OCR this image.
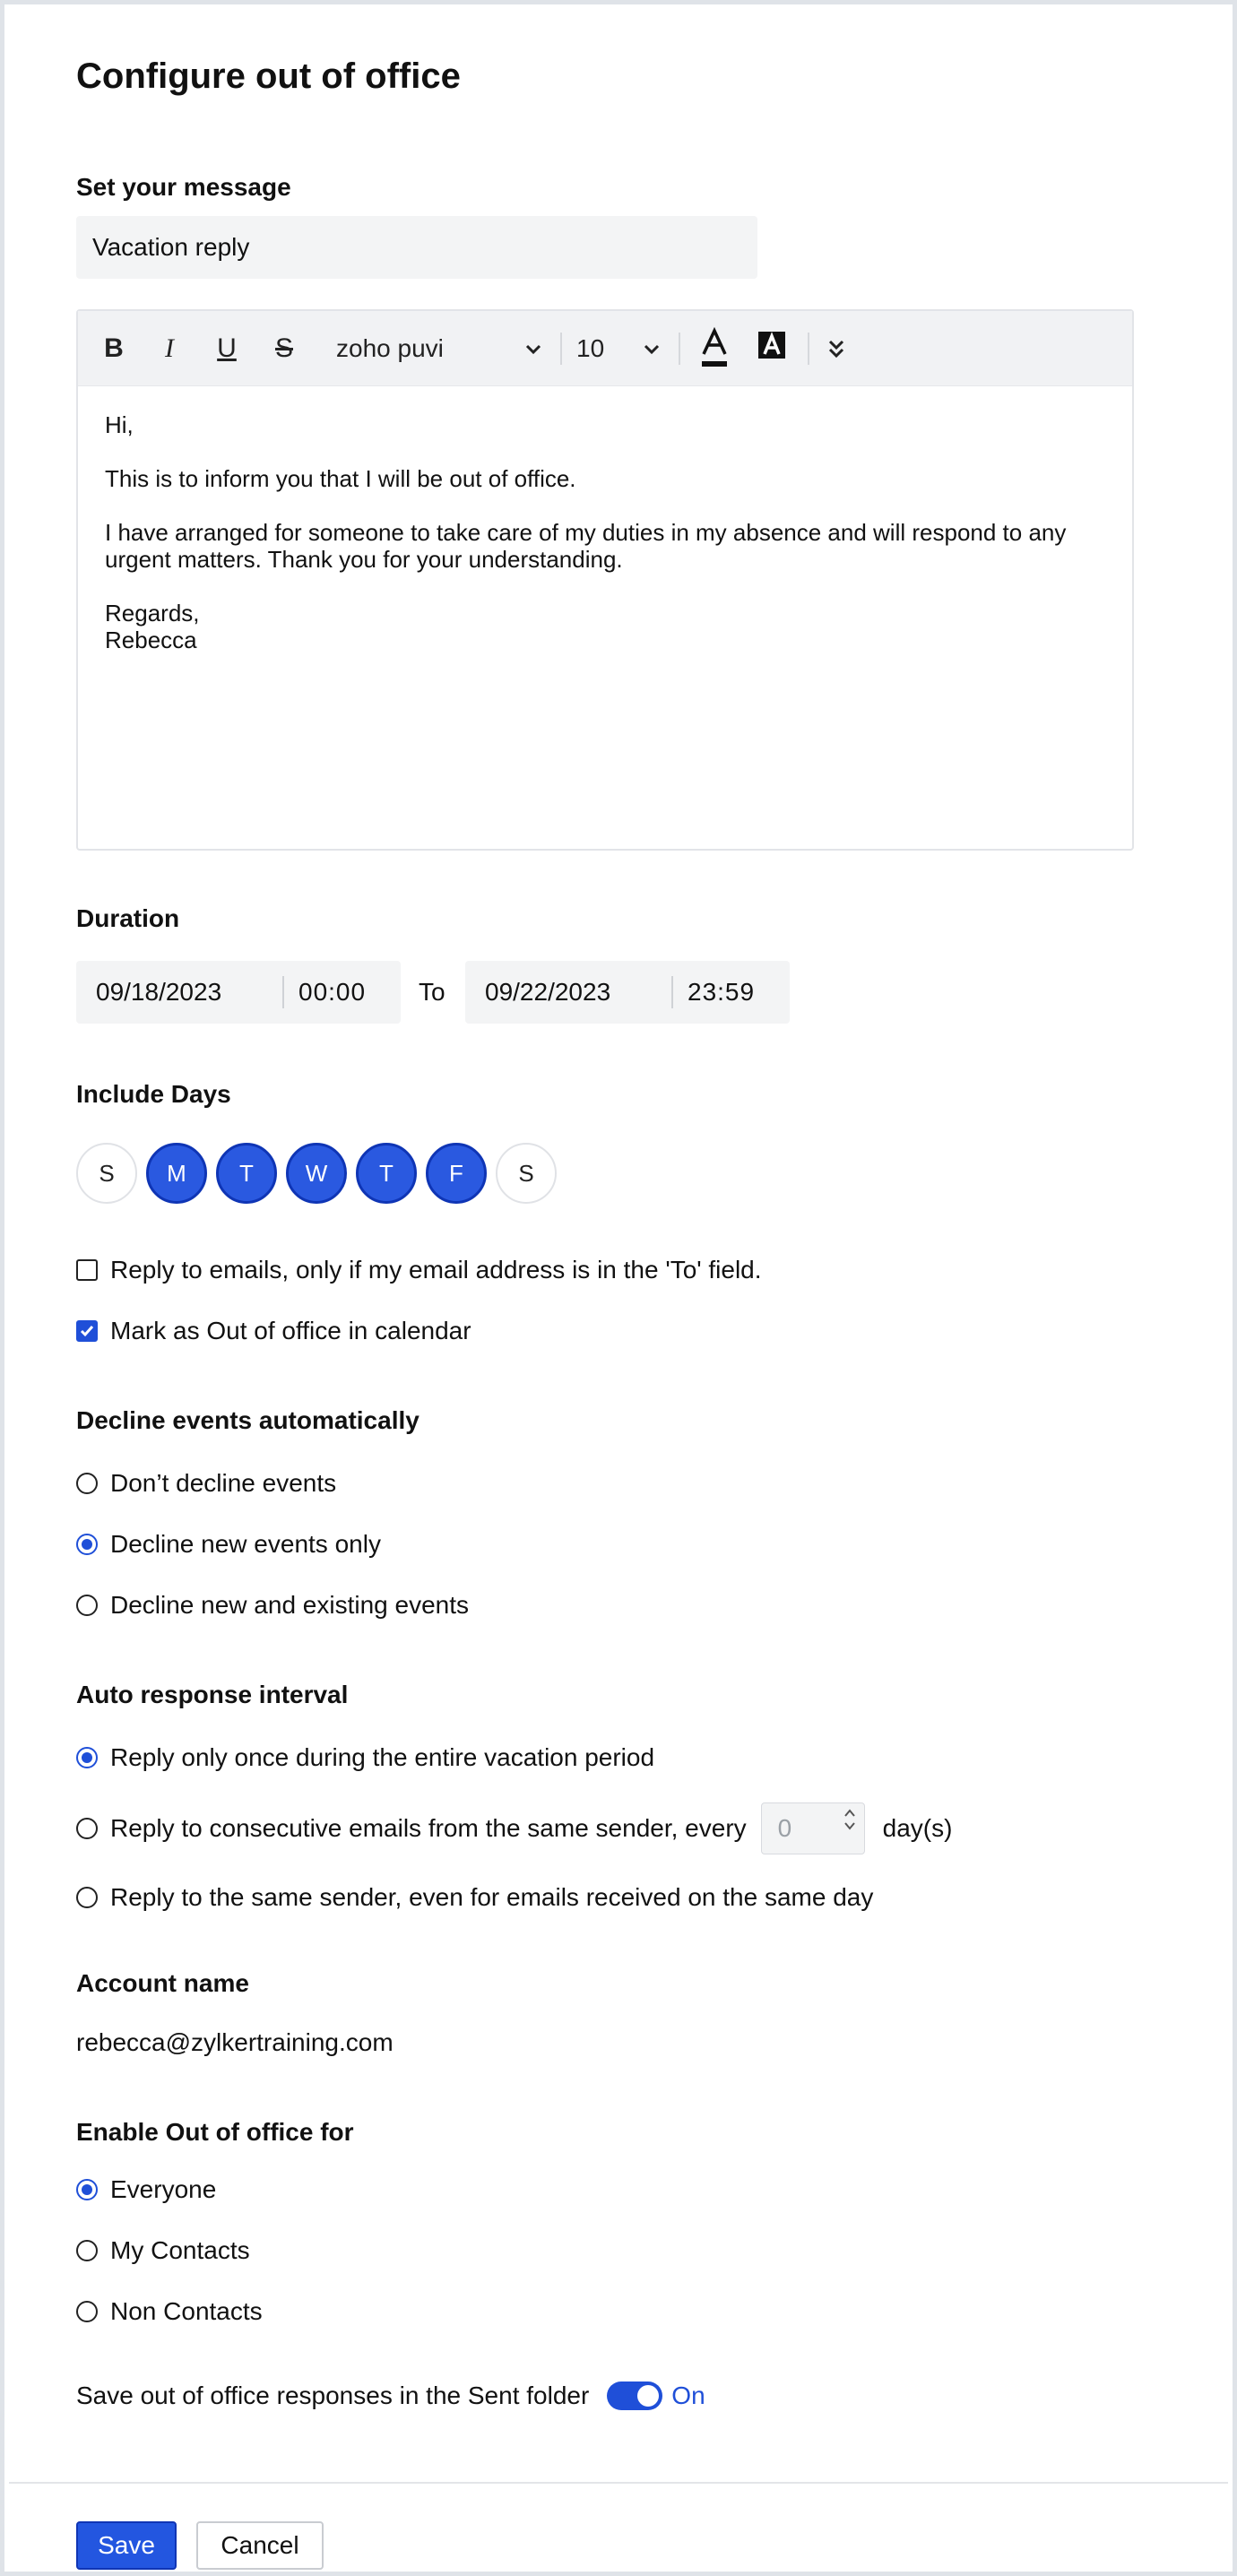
Configure out of office
Set your message
Vacation reply
B	I	U	S	zoho puvi	10

Hi,

This is to inform you that I will be out of office.

I have arranged for someone to take care of my duties in my absence and will respond to any urgent matters. Thank you for your understanding.

Regards,
Rebecca
Duration
09/18/2023	00:00	To	09/22/2023	23:59
Include Days
S	M	T	W	T	F	S
Reply to emails, only if my email address is in the 'To' field.
Mark as Out of office in calendar
Decline events automatically
Don’t decline events
Decline new events only
Decline new and existing events
Auto response interval
Reply only once during the entire vacation period
Reply to consecutive emails from the same sender, every 0	day(s)
Reply to the same sender, even for emails received on the same day
Account name
rebecca@zylkertraining.com
Enable Out of office for
Everyone
My Contacts
Non Contacts
Save out of office responses in the Sent folder	On
Save	Cancel
